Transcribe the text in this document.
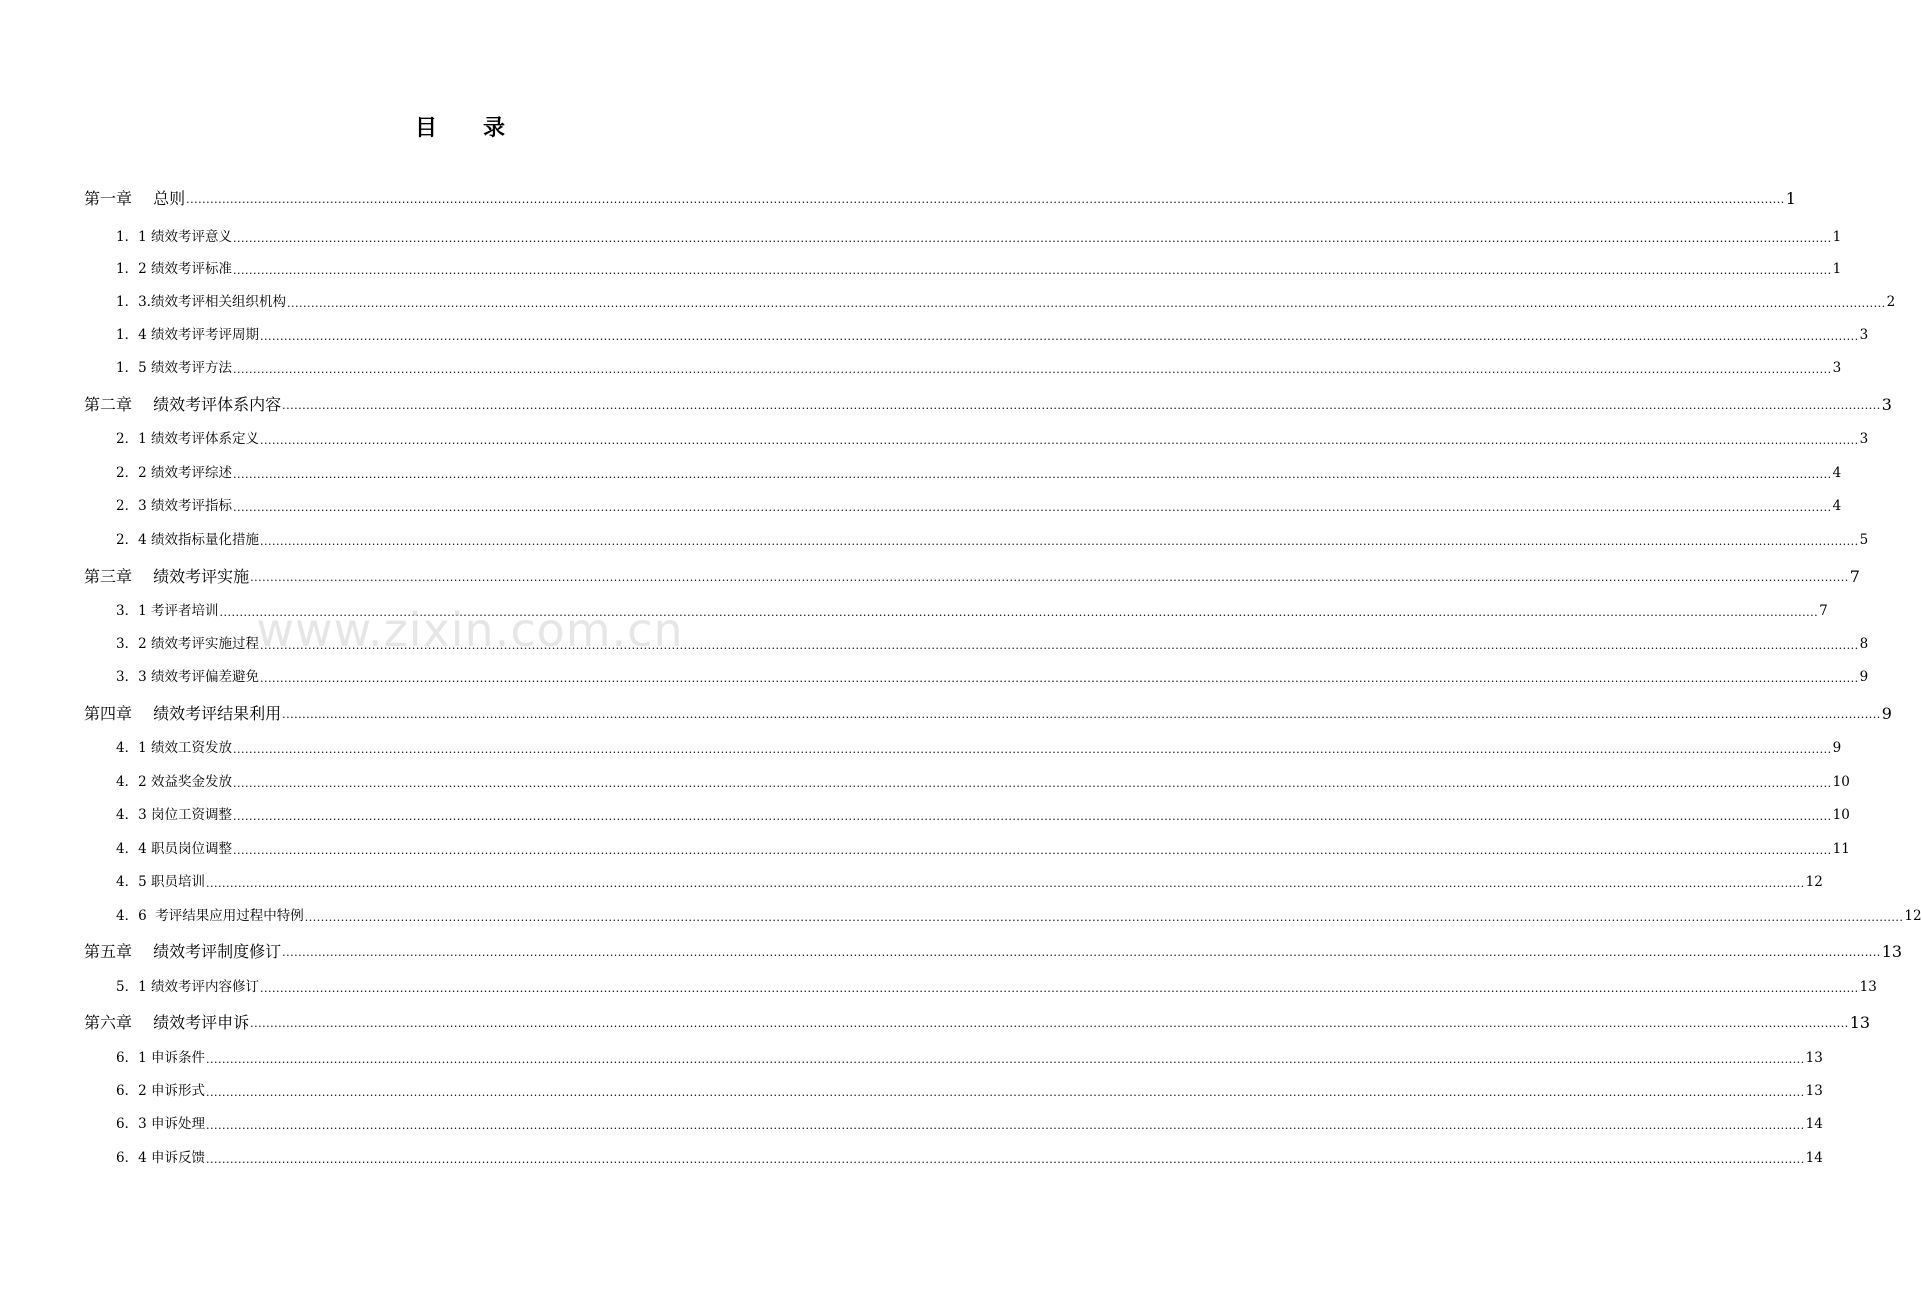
目 录
第一章　 总则 ................................................................................................................................................................................................................................................................................................................................................................................................................ 1
1．1 绩效考评意义 ................................................................................................................................................................................................................................................................................................................................................................................................................ 1
1．2 绩效考评标准 ................................................................................................................................................................................................................................................................................................................................................................................................................ 1
1．3.绩效考评相关组织机构 ................................................................................................................................................................................................................................................................................................................................................................................................................ 2
1．4 绩效考评考评周期 ................................................................................................................................................................................................................................................................................................................................................................................................................ 3
1．5 绩效考评方法 ................................................................................................................................................................................................................................................................................................................................................................................................................ 3
第二章　 绩效考评体系内容 ................................................................................................................................................................................................................................................................................................................................................................................................................ 3
2．1 绩效考评体系定义 ................................................................................................................................................................................................................................................................................................................................................................................................................ 3
2．2 绩效考评综述 ................................................................................................................................................................................................................................................................................................................................................................................................................ 4
2．3 绩效考评指标 ................................................................................................................................................................................................................................................................................................................................................................................................................ 4
2．4 绩效指标量化措施 ................................................................................................................................................................................................................................................................................................................................................................................................................ 5
第三章　 绩效考评实施 ................................................................................................................................................................................................................................................................................................................................................................................................................ 7
3．1 考评者培训 ................................................................................................................................................................................................................................................................................................................................................................................................................ 7
3．2 绩效考评实施过程 ................................................................................................................................................................................................................................................................................................................................................................................................................ 8
3．3 绩效考评偏差避免 ................................................................................................................................................................................................................................................................................................................................................................................................................ 9
第四章　 绩效考评结果利用 ................................................................................................................................................................................................................................................................................................................................................................................................................ 9
4．1 绩效工资发放 ................................................................................................................................................................................................................................................................................................................................................................................................................ 9
4．2 效益奖金发放 ................................................................................................................................................................................................................................................................................................................................................................................................................ 10
4．3 岗位工资调整 ................................................................................................................................................................................................................................................................................................................................................................................................................ 10
4．4 职员岗位调整 ................................................................................................................................................................................................................................................................................................................................................................................................................ 11
4．5 职员培训 ................................................................................................................................................................................................................................................................................................................................................................................................................ 12
4．6  考评结果应用过程中特例 ................................................................................................................................................................................................................................................................................................................................................................................................................ 12
第五章　 绩效考评制度修订 ................................................................................................................................................................................................................................................................................................................................................................................................................ 13
5．1 绩效考评内容修订 ................................................................................................................................................................................................................................................................................................................................................................................................................ 13
第六章　 绩效考评申诉 ................................................................................................................................................................................................................................................................................................................................................................................................................ 13
6．1 申诉条件 ................................................................................................................................................................................................................................................................................................................................................................................................................ 13
6．2 申诉形式 ................................................................................................................................................................................................................................................................................................................................................................................................................ 13
6．3 申诉处理 ................................................................................................................................................................................................................................................................................................................................................................................................................ 14
6．4 申诉反馈 ................................................................................................................................................................................................................................................................................................................................................................................................................ 14
www.zixin.com.cn
